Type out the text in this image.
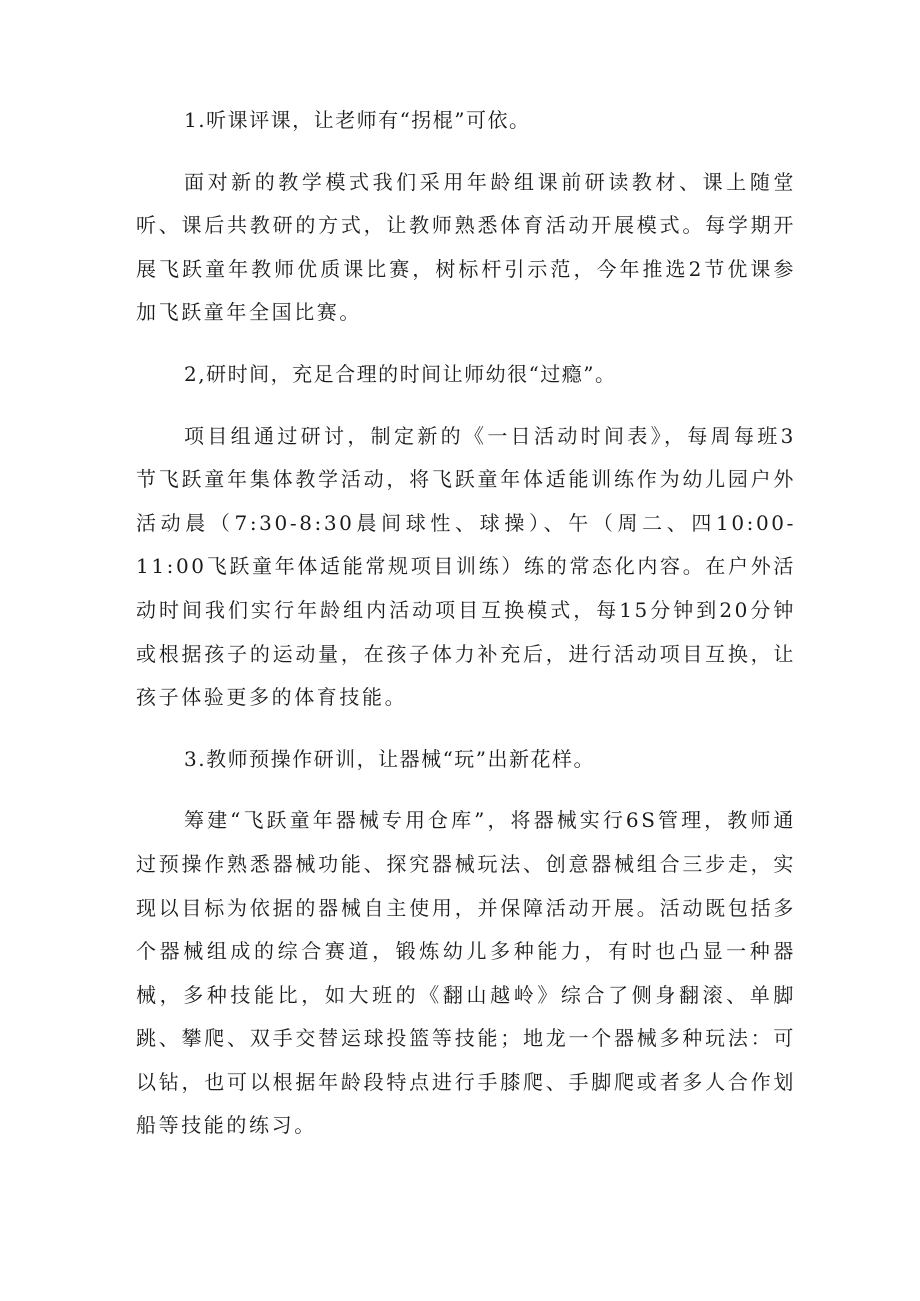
1.听课评课，让老师有“拐棍”可依。

面对新的教学模式我们采用年龄组课前研读教材、课上随堂听、课后共教研的方式，让教师熟悉体育活动开展模式。每学期开展飞跃童年教师优质课比赛，树标杆引示范，今年推选2节优课参加飞跃童年全国比赛。

2,研时间，充足合理的时间让师幼很“过瘾”。

项目组通过研讨，制定新的《一日活动时间表》，每周每班3节飞跃童年集体教学活动，将飞跃童年体适能训练作为幼儿园户外活动晨（7:30-8:30晨间球性、球操）、午（周二、四10:00-11:00飞跃童年体适能常规项目训练）练的常态化内容。在户外活动时间我们实行年龄组内活动项目互换模式，每15分钟到20分钟或根据孩子的运动量，在孩子体力补充后，进行活动项目互换，让孩子体验更多的体育技能。

3.教师预操作研训，让器械“玩”出新花样。

筹建“飞跃童年器械专用仓库”，将器械实行6S管理，教师通过预操作熟悉器械功能、探究器械玩法、创意器械组合三步走，实现以目标为依据的器械自主使用，并保障活动开展。活动既包括多个器械组成的综合赛道，锻炼幼儿多种能力，有时也凸显一种器械，多种技能比，如大班的《翻山越岭》综合了侧身翻滚、单脚跳、攀爬、双手交替运球投篮等技能；地龙一个器械多种玩法：可以钻，也可以根据年龄段特点进行手膝爬、手脚爬或者多人合作划船等技能的练习。
